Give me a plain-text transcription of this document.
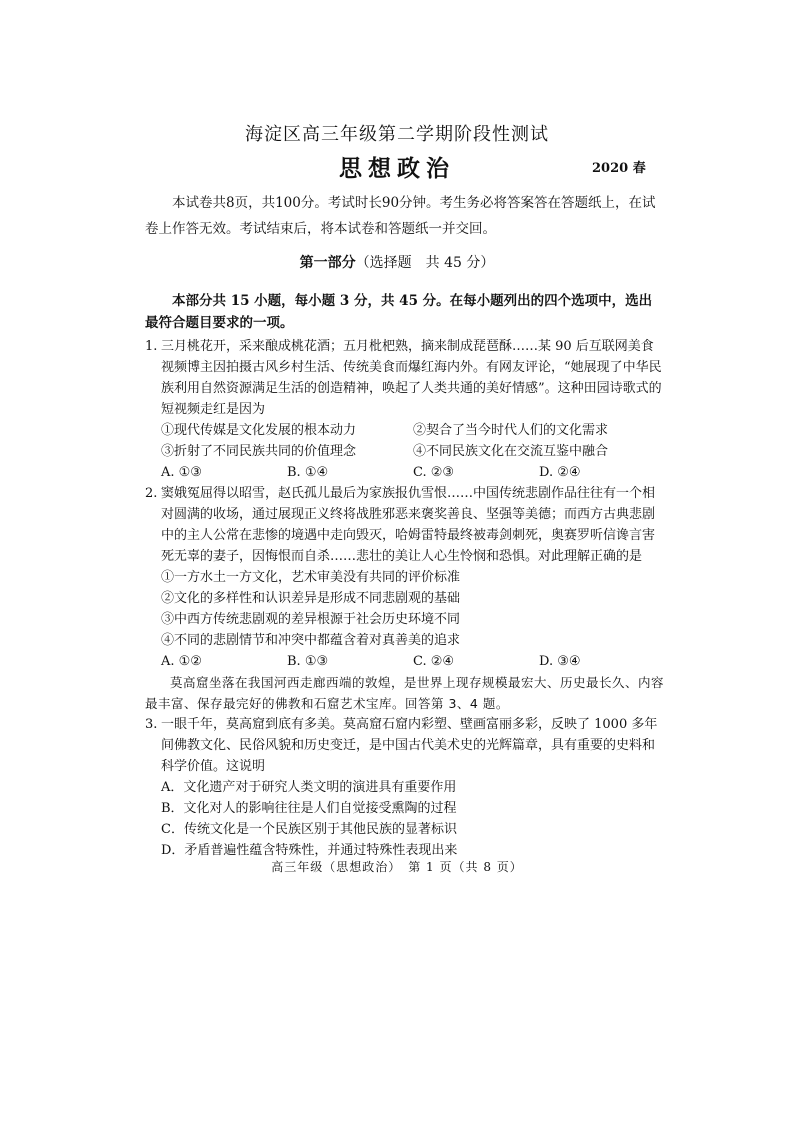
海淀区高三年级第二学期阶段性测试
思想政治	2020 春

本试卷共8页，共100分。考试时长90分钟。考生务必将答案答在答题纸上，在试卷上作答无效。考试结束后，将本试卷和答题纸一并交回。

第一部分（选择题　共 45 分）

本部分共 15 小题，每小题 3 分，共 45 分。在每小题列出的四个选项中，选出最符合题目要求的一项。

1. 三月桃花开，采来酿成桃花酒；五月枇杷熟，摘来制成琵琶酥……某 90 后互联网美食视频博主因拍摄古风乡村生活、传统美食而爆红海内外。有网友评论，“她展现了中华民族利用自然资源满足生活的创造精神，唤起了人类共通的美好情感”。这种田园诗歌式的短视频走红是因为
①现代传媒是文化发展的根本动力	②契合了当今时代人们的文化需求
③折射了不同民族共同的价值理念	④不同民族文化在交流互鉴中融合
A. ①③	B. ①④	C. ②③	D. ②④
2. 窦娥冤屈得以昭雪，赵氏孤儿最后为家族报仇雪恨……中国传统悲剧作品往往有一个相对圆满的收场，通过展现正义终将战胜邪恶来褒奖善良、坚强等美德；而西方古典悲剧中的主人公常在悲惨的境遇中走向毁灭，哈姆雷特最终被毒剑刺死，奥赛罗听信谗言害死无辜的妻子，因悔恨而自杀……悲壮的美让人心生怜悯和恐惧。对此理解正确的是
①一方水土一方文化，艺术审美没有共同的评价标准
②文化的多样性和认识差异是形成不同悲剧观的基础
③中西方传统悲剧观的差异根源于社会历史环境不同
④不同的悲剧情节和冲突中都蕴含着对真善美的追求
A. ①②	B. ①③	C. ②④	D. ③④

莫高窟坐落在我国河西走廊西端的敦煌，是世界上现存规模最宏大、历史最长久、内容最丰富、保存最完好的佛教和石窟艺术宝库。回答第 3、4 题。

3. 一眼千年，莫高窟到底有多美。莫高窟石窟内彩塑、壁画富丽多彩，反映了 1000 多年间佛教文化、民俗风貌和历史变迁，是中国古代美术史的光辉篇章，具有重要的史料和科学价值。这说明
A．文化遗产对于研究人类文明的演进具有重要作用
B．文化对人的影响往往是人们自觉接受熏陶的过程
C．传统文化是一个民族区别于其他民族的显著标识
D．矛盾普遍性蕴含特殊性，并通过特殊性表现出来
高三年级（思想政治）　第 1 页（共 8 页）
